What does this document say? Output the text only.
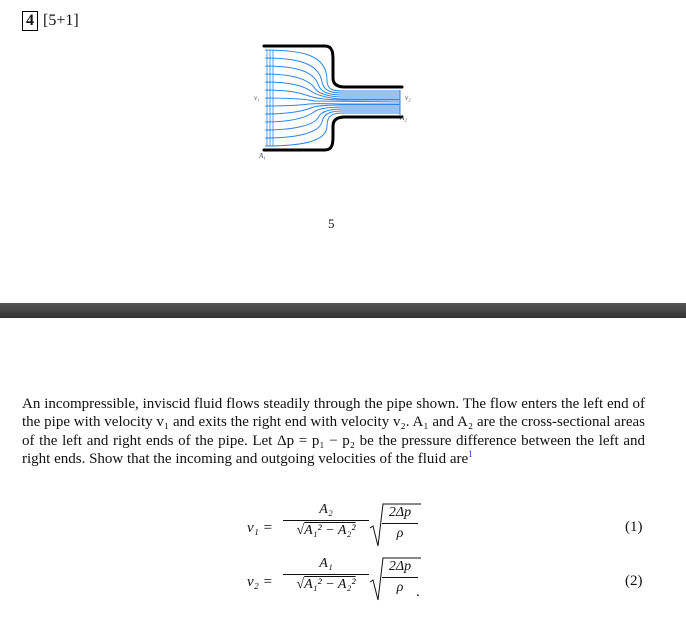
4 [5+1]
v₁	v₂
A₂
A₁
5

An incompressible, inviscid fluid flows steadily through the pipe shown. The flow enters the left end of the pipe with velocity v₁ and exits the right end with velocity v₂. A₁ and A₂ are the cross-sectional areas of the left and right ends of the pipe. Let Δp = p₁ − p₂ be the pressure difference between the left and right ends. Show that the incoming and outgoing velocities of the fluid are$^1$

v₁ =
A₂
√A₁² − A₂²
2Δp
ρ	(1)
v₂ =
A₁
√A₁² − A₂²
2Δp
ρ .
(2)
